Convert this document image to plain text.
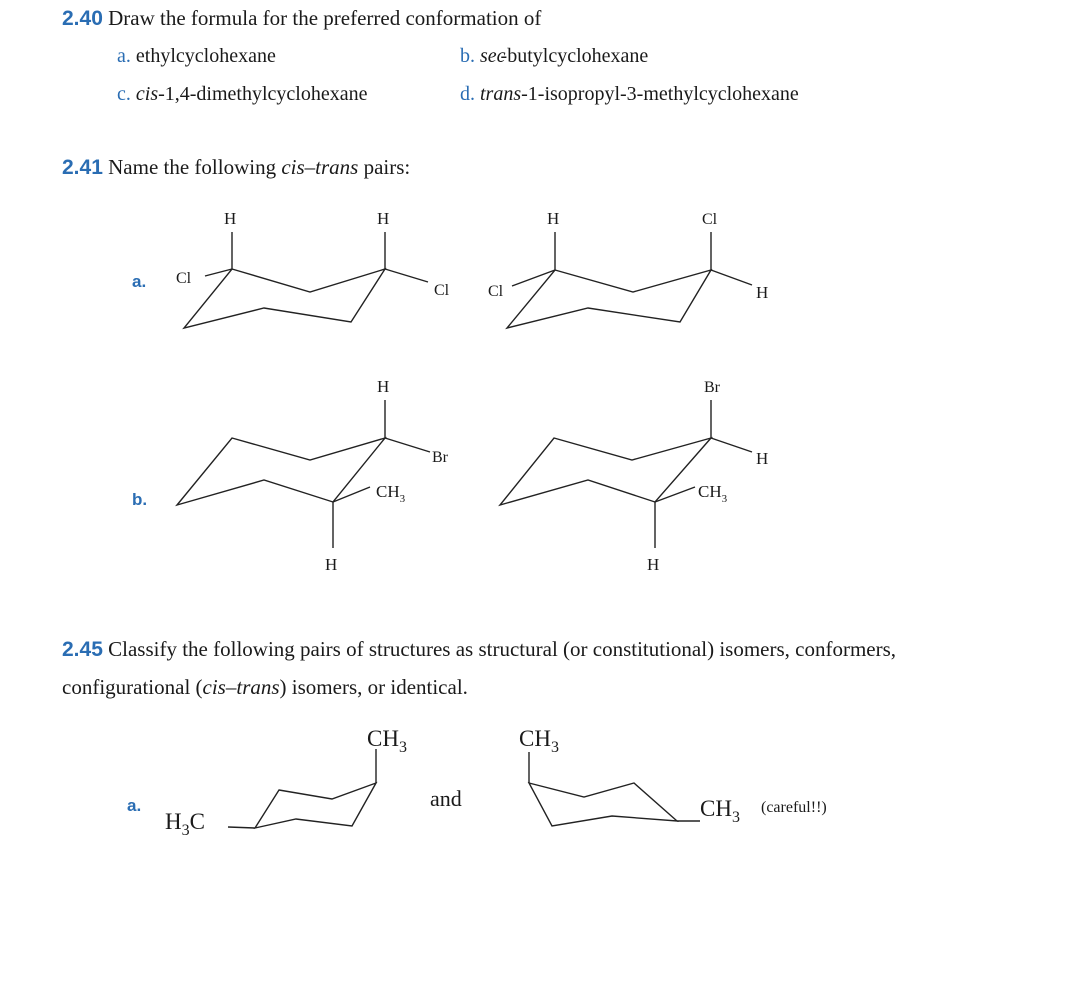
2.40 Draw the formula for the preferred conformation of
a. ethylcyclohexane	b. sec-butylcyclohexane
c. cis-1,4-dimethylcyclohexane	d. trans-1-isopropyl-3-methylcyclohexane
2.41 Name the following cis–trans pairs:
a.
b.
H	H
Cl
Cl
H	Cl
Cl	H
H
Br
$CH_3$
H
Br
H
$CH_3$
H
2.45 Classify the following pairs of structures as structural (or constitutional) isomers, conformers,
configurational (cis–trans) isomers, or identical.
a.
$CH_3$
$H_3C$
and
$CH_3$
$CH_3$
(careful!!)
